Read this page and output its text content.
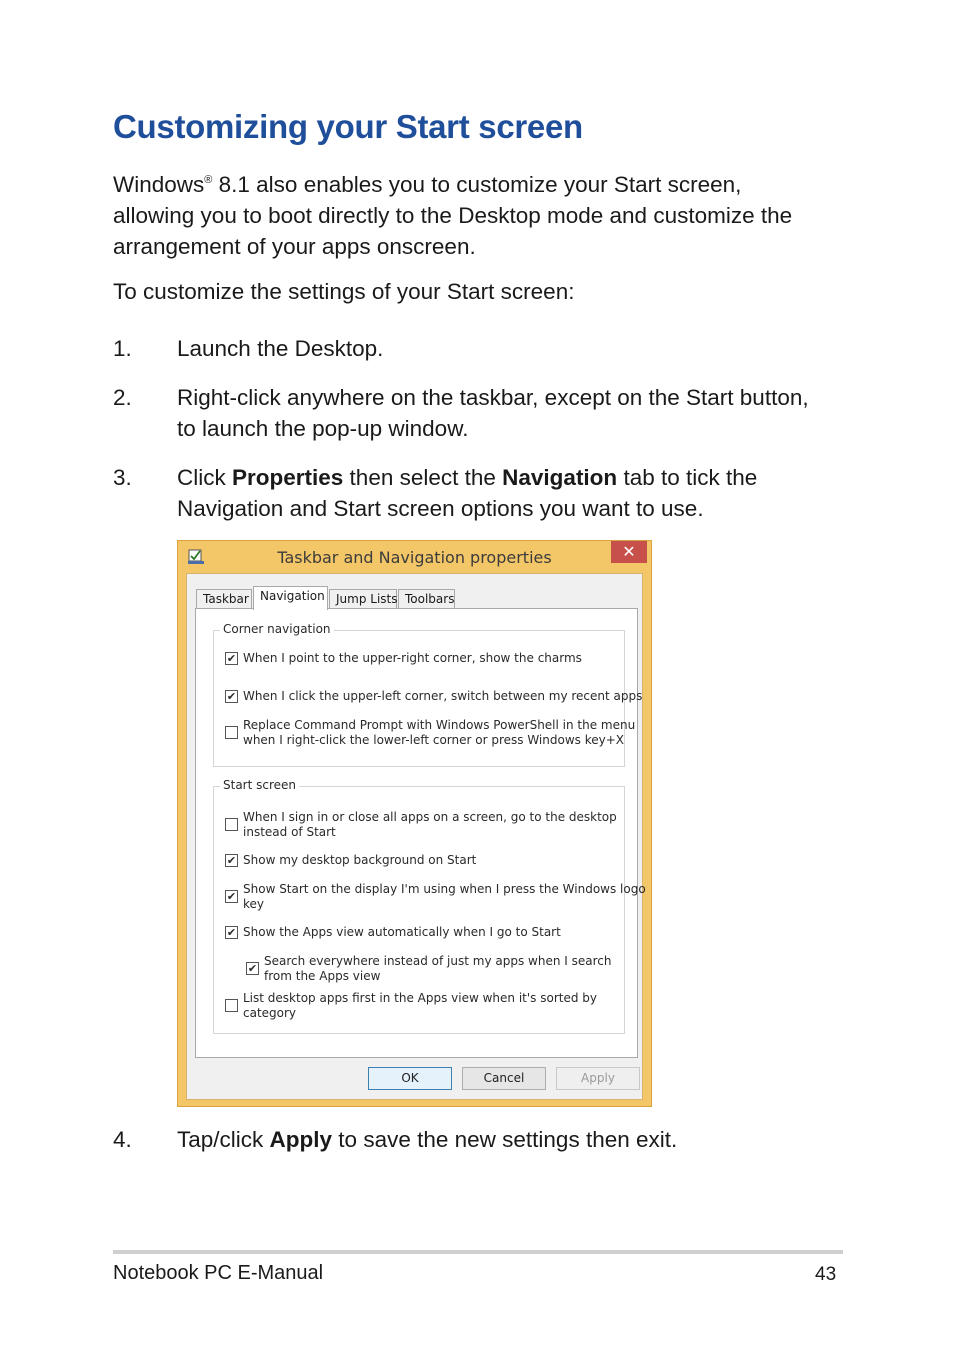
Customizing your Start screen

Windows® 8.1 also enables you to customize your Start screen,
allowing you to boot directly to the Desktop mode and customize the
arrangement of your apps onscreen.

To customize the settings of your Start screen:

1. Launch the Desktop.
2. Right-click anywhere on the taskbar, except on the Start button,
to launch the pop-up window.
3. Click Properties then select the Navigation tab to tick the
Navigation and Start screen options you want to use.
Taskbar and Navigation properties	✕
Taskbar Navigation Jump Lists Toolbars
Corner navigation
✔ When I point to the upper-right corner, show the charms
✔ When I click the upper-left corner, switch between my recent apps
Replace Command Prompt with Windows PowerShell in the menu
when I right-click the lower-left corner or press Windows key+X
Start screen
When I sign in or close all apps on a screen, go to the desktop
instead of Start
✔ Show my desktop background on Start
✔
Show Start on the display I'm using when I press the Windows logo
key
✔ Show the Apps view automatically when I go to Start
✔
Search everywhere instead of just my apps when I search
from the Apps view
List desktop apps first in the Apps view when it's sorted by
category
OK	Cancel	Apply
4. Tap/click Apply to save the new settings then exit.
Notebook PC E-Manual	43
